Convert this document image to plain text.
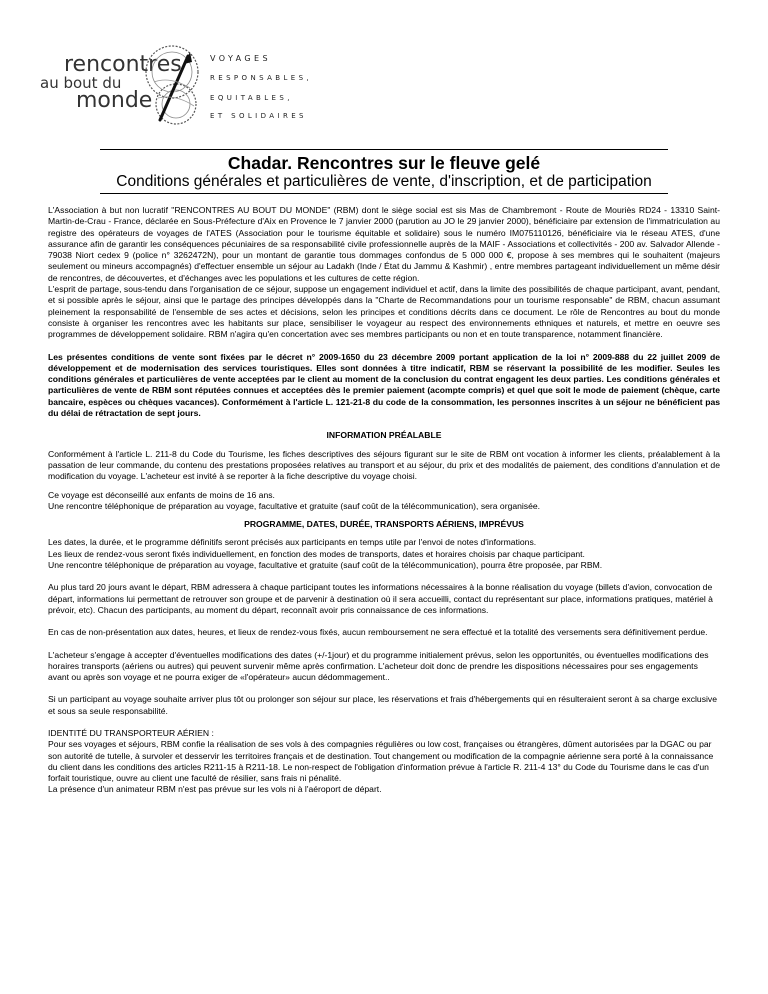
rencontres
au bout du
monde
VOYAGES
RESPONSABLES,
EQUITABLES,
ET SOLIDAIRES
Chadar. Rencontres sur le fleuve gelé
Conditions générales et particulières de vente, d'inscription, et de participation

L'Association à but non lucratif "RENCONTRES AU BOUT DU MONDE" (RBM) dont le siège social est sis Mas de Chambremont - Route de Mouriès RD24 - 13310 Saint-Martin-de-Crau - France, déclarée en Sous-Préfecture d'Aix en Provence le 7 janvier 2000 (parution au JO le 29 janvier 2000), bénéficiaire par extension de l'immatriculation au registre des opérateurs de voyages de l'ATES (Association pour le tourisme équitable et solidaire) sous le numéro IM075110126, bénéficiaire via le réseau ATES, d'une assurance afin de garantir les conséquences pécuniaires de sa responsabilité civile professionnelle auprès de la MAIF - Associations et collectivités - 200 av. Salvador Allende - 79038 Niort cedex 9 (police n° 3262472N), pour un montant de garantie tous dommages confondus de 5 000 000 €, propose à ses membres qui le souhaitent (majeurs seulement ou mineurs accompagnés) d'effectuer ensemble un séjour au Ladakh (Inde / État du Jammu & Kashmir) , entre membres partageant individuellement un même désir de rencontres, de découvertes, et d'échanges avec les populations et les cultures de cette région.

L'esprit de partage, sous-tendu dans l'organisation de ce séjour, suppose un engagement individuel et actif, dans la limite des possibilités de chaque participant, avant, pendant, et si possible après le séjour, ainsi que le partage des principes développés dans la "Charte de Recommandations pour un tourisme responsable" de RBM, chacun assumant pleinement la responsabilité de l'ensemble de ses actes et décisions, selon les principes et conditions décrits dans ce document. Le rôle de Rencontres au bout du monde consiste à organiser les rencontres avec les habitants sur place, sensibiliser le voyageur au respect des environnements ethniques et naturels, et mettre en oeuvre ses programmes de développement solidaire. RBM n'agira qu'en concertation avec ses membres participants ou non et en toute transparence, notamment financière.

Les présentes conditions de vente sont fixées par le décret n° 2009-1650 du 23 décembre 2009 portant application de la loi n° 2009-888 du 22 juillet 2009 de développement et de modernisation des services touristiques. Elles sont données à titre indicatif, RBM se réservant la possibilité de les modifier. Seules les conditions générales et particulières de vente acceptées par le client au moment de la conclusion du contrat engagent les deux parties. Les conditions générales et particulières de vente de RBM sont réputées connues et acceptées dès le premier paiement (acompte compris) et quel que soit le mode de paiement (chèque, carte bancaire, espèces ou chèques vacances). Conformément à l'article L. 121-21-8 du code de la consommation, les personnes inscrites à un séjour ne bénéficient pas du délai de rétractation de sept jours.

INFORMATION PRÉALABLE

Conformément à l'article L. 211-8 du Code du Tourisme, les fiches descriptives des séjours figurant sur le site de RBM ont vocation à informer les clients, préalablement à la passation de leur commande, du contenu des prestations proposées relatives au transport et au séjour, du prix et des modalités de paiement, des conditions d'annulation et de modification du voyage. L'acheteur est invité à se reporter à la fiche descriptive du voyage choisi.

Ce voyage est déconseillé aux enfants de moins de 16 ans.

Une rencontre téléphonique de préparation au voyage, facultative et gratuite (sauf coût de la télécommunication), sera organisée.

PROGRAMME, DATES, DURÉE, TRANSPORTS AÉRIENS, IMPRÉVUS

Les dates, la durée, et le programme définitifs seront précisés aux participants en temps utile par l'envoi de notes d'informations.

Les lieux de rendez-vous seront fixés individuellement, en fonction des modes de transports, dates et horaires choisis par chaque participant.

Une rencontre téléphonique de préparation au voyage, facultative et gratuite (sauf coût de la télécommunication), pourra être proposée, par RBM.

Au plus tard 20 jours avant le départ, RBM adressera à chaque participant toutes les informations nécessaires à la bonne réalisation du voyage (billets d'avion, convocation de départ, informations lui permettant de retrouver son groupe et de parvenir à destination où il sera accueilli, contact du représentant sur place, informations pratiques, matériel à prévoir, etc). Chacun des participants, au moment du départ, reconnaît avoir pris connaissance de ces informations.

En cas de non-présentation aux dates, heures, et lieux de rendez-vous fixés, aucun remboursement ne sera effectué et la totalité des versements sera définitivement perdue.

L'acheteur s'engage à accepter d'éventuelles modifications des dates (+/-1jour) et du programme initialement prévus, selon les opportunités, ou éventuelles modifications des horaires transports (aériens ou autres) qui peuvent survenir même après confirmation. L'acheteur doit donc de prendre les dispositions nécessaires pour ses engagements avant ou après son voyage et ne pourra exiger de «l'opérateur» aucun dédommagement..

Si un participant au voyage souhaite arriver plus tôt ou prolonger son séjour sur place, les réservations et frais d'hébergements qui en résulteraient seront à sa charge exclusive et sous sa seule responsabilité.

IDENTITÉ DU TRANSPORTEUR AÉRIEN :

Pour ses voyages et séjours, RBM confie la réalisation de ses vols à des compagnies régulières ou low cost, françaises ou étrangères, dûment autorisées par la DGAC ou par son autorité de tutelle, à survoler et desservir les territoires français et de destination. Tout changement ou modification de la compagnie aérienne sera porté à la connaissance du client dans les conditions des articles R211-15 à R211-18. Le non-respect de l'obligation d'information prévue à l'article R. 211-4 13° du Code du Tourisme dans le cas d'un forfait touristique, ouvre au client une faculté de résilier, sans frais ni pénalité.

La présence d'un animateur RBM n'est pas prévue sur les vols ni à l'aéroport de départ.
